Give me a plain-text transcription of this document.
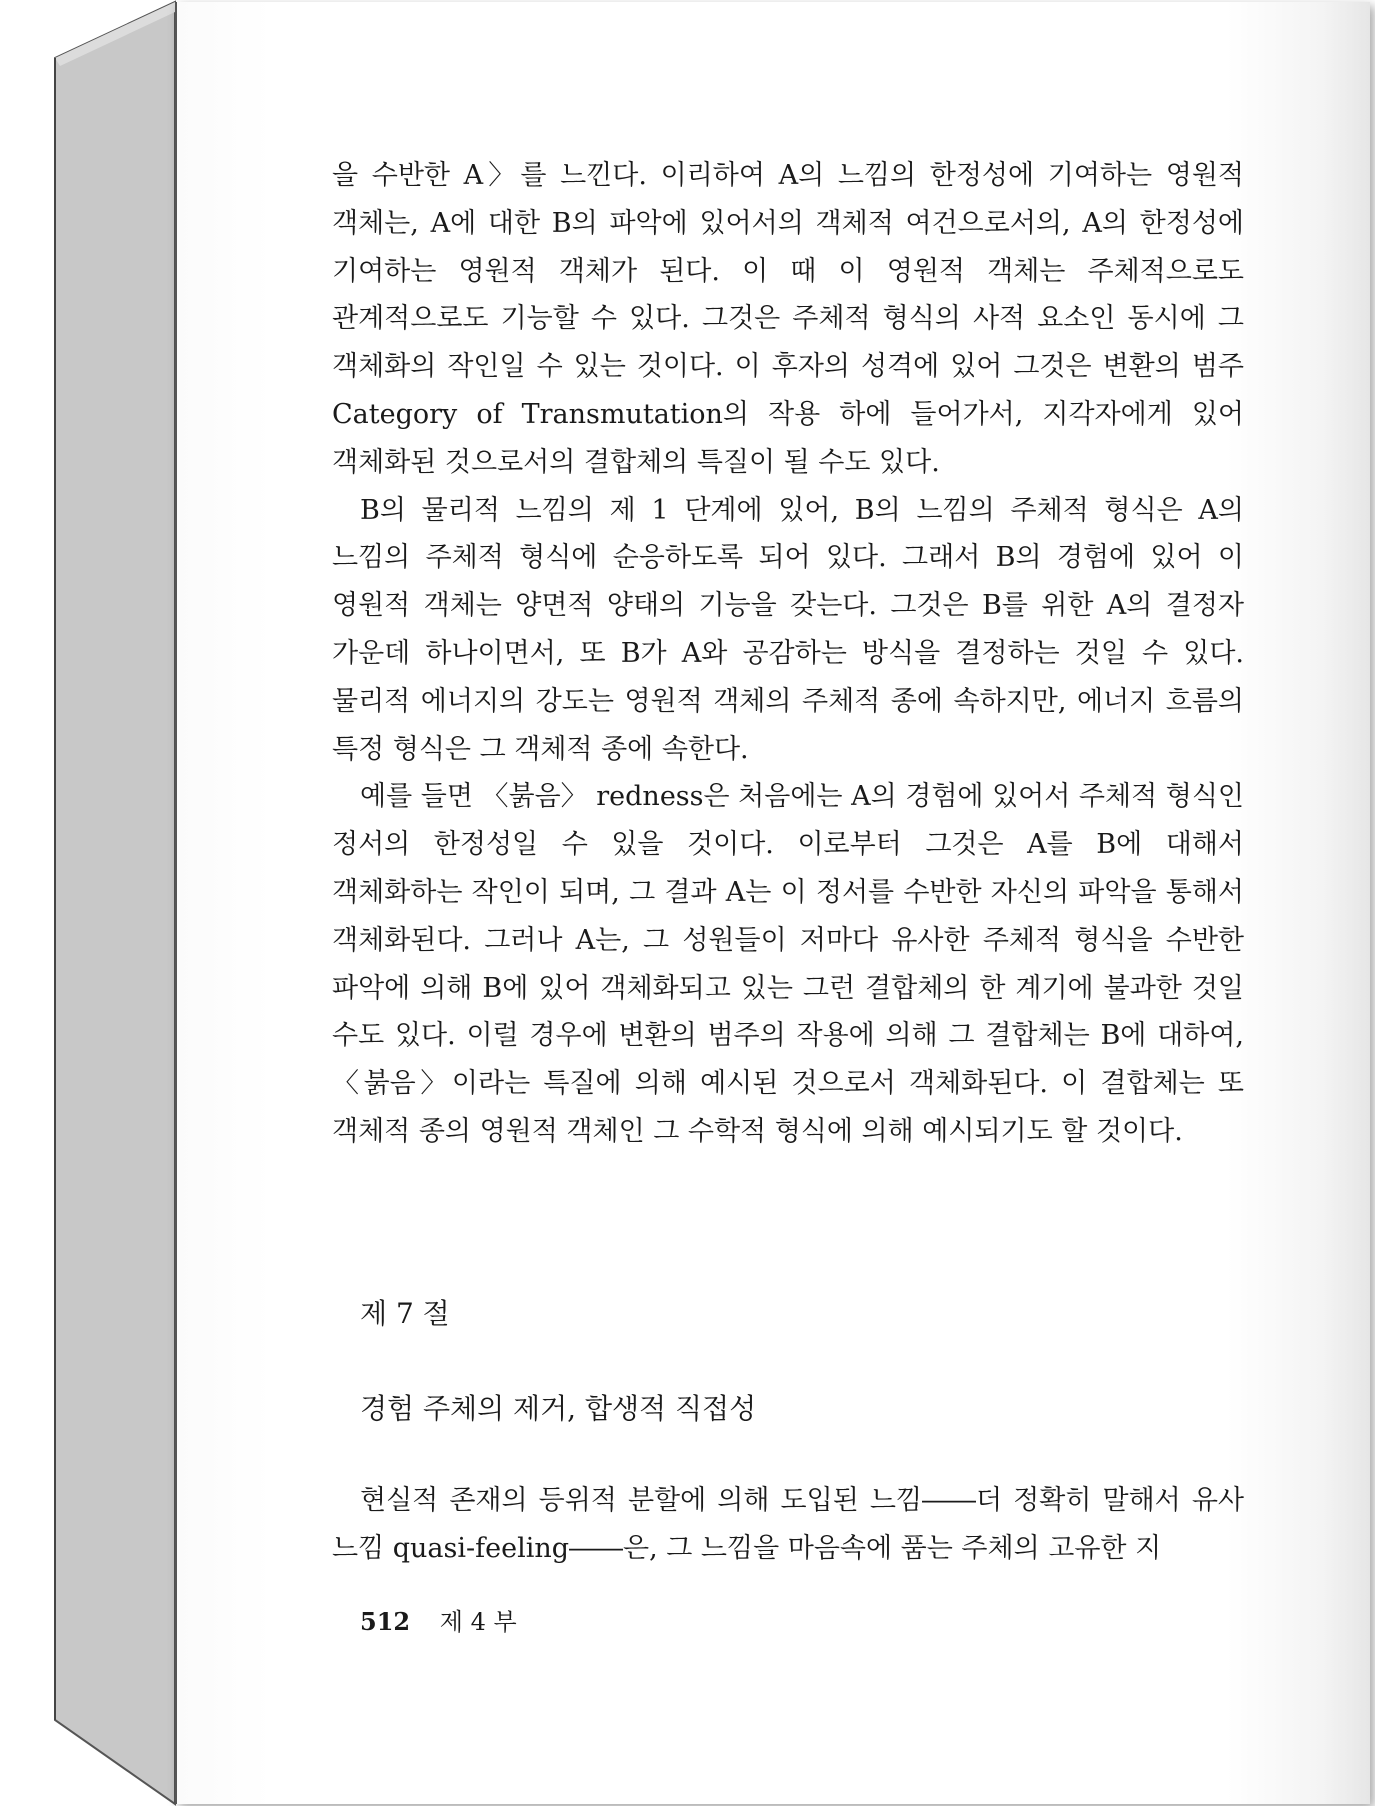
을 수반한 A〉를 느낀다. 이리하여 A의 느낌의 한정성에 기여하는 영원적 객체는, A에 대한 B의 파악에 있어서의 객체적 여건으로서의, A의 한정성에 기여하는 영원적 객체가 된다. 이 때 이 영원적 객체는 주체적으로도 관계적으로도 기능할 수 있다. 그것은 주체적 형식의 사적 요소인 동시에 그 객체화의 작인일 수 있는 것이다. 이 후자의 성격에 있어 그것은 변환의 범주 Category of Transmutation의 작용 하에 들어가서, 지각자에게 있어 객체화된 것으로서의 결합체의 특질이 될 수도 있다.

B의 물리적 느낌의 제 1 단계에 있어, B의 느낌의 주체적 형식은 A의 느낌의 주체적 형식에 순응하도록 되어 있다. 그래서 B의 경험에 있어 이 영원적 객체는 양면적 양태의 기능을 갖는다. 그것은 B를 위한 A의 결정자 가운데 하나이면서, 또 B가 A와 공감하는 방식을 결정하는 것일 수 있다. 물리적 에너지의 강도는 영원적 객체의 주체적 종에 속하지만, 에너지 흐름의 특정 형식은 그 객체적 종에 속한다.

예를 들면 〈붉음〉 redness은 처음에는 A의 경험에 있어서 주체적 형식인 정서의 한정성일 수 있을 것이다. 이로부터 그것은 A를 B에 대해서 객체화하는 작인이 되며, 그 결과 A는 이 정서를 수반한 자신의 파악을 통해서 객체화된다. 그러나 A는, 그 성원들이 저마다 유사한 주체적 형식을 수반한 파악에 의해 B에 있어 객체화되고 있는 그런 결합체의 한 계기에 불과한 것일 수도 있다. 이럴 경우에 변환의 범주의 작용에 의해 그 결합체는 B에 대하여, 〈붉음〉이라는 특질에 의해 예시된 것으로서 객체화된다. 이 결합체는 또 객체적 종의 영원적 객체인 그 수학적 형식에 의해 예시되기도 할 것이다.

제 7 절

경험 주체의 제거, 합생적 직접성

현실적 존재의 등위적 분할에 의해 도입된 느낌――더 정확히 말해서 유사 느낌 quasi-feeling――은, 그 느낌을 마음속에 품는 주체의 고유한 지

512 제 4 부
